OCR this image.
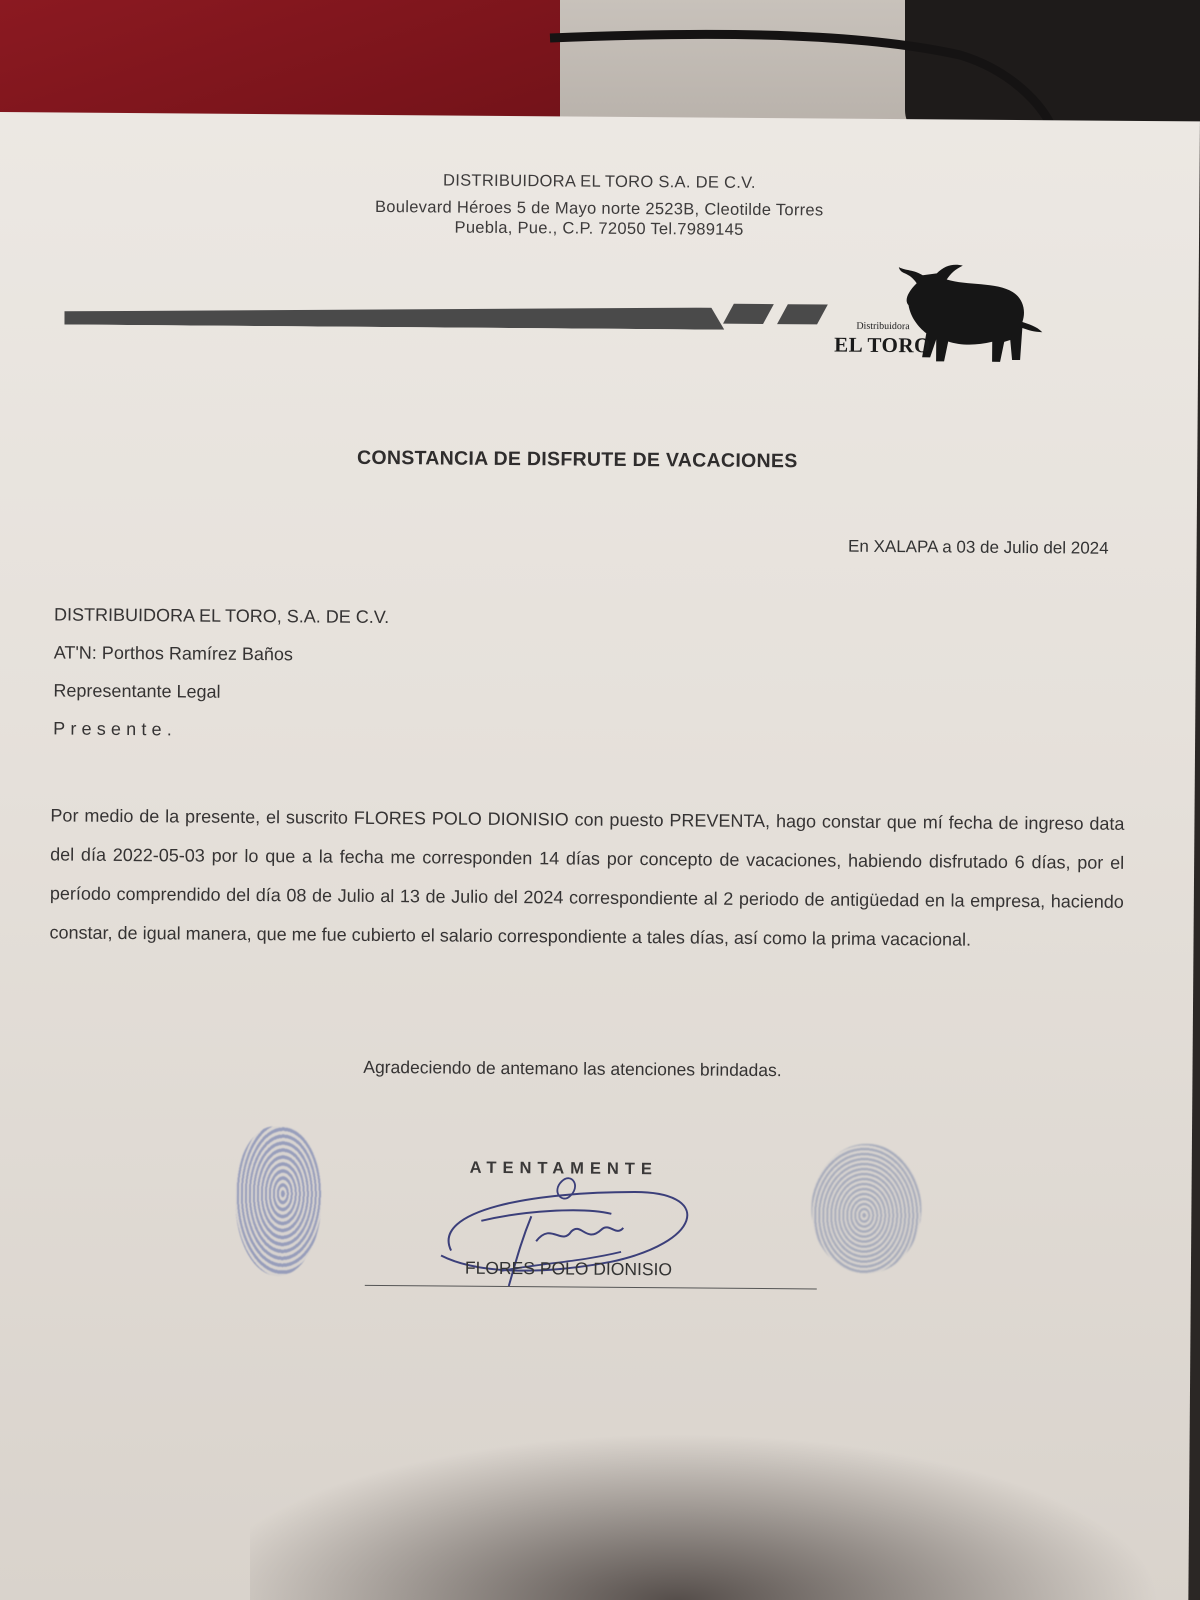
DISTRIBUIDORA EL TORO S.A. DE C.V.
Boulevard Héroes 5 de Mayo norte 2523B, Cleotilde Torres
Puebla, Pue., C.P. 72050 Tel.7989145
Distribuidora
EL TORO
CONSTANCIA DE DISFRUTE DE VACACIONES
En XALAPA a 03 de Julio del 2024
DISTRIBUIDORA EL TORO, S.A. DE C.V.
AT'N: Porthos Ramírez Baños
Representante Legal
Presente.
Por medio de la presente, el suscrito FLORES POLO DIONISIO con puesto PREVENTA, hago constar que mí fecha de ingreso data del día 2022-05-03 por lo que a la fecha me corresponden 14 días por concepto de vacaciones, habiendo disfrutado 6 días, por el período comprendido del día 08 de Julio al 13 de Julio del 2024 correspondiente al 2 periodo de antigüedad en la empresa, haciendo constar, de igual manera, que me fue cubierto el salario correspondiente a tales días, así como la prima vacacional.
Agradeciendo de antemano las atenciones brindadas.
ATENTAMENTE
FLORES POLO DIONISIO
